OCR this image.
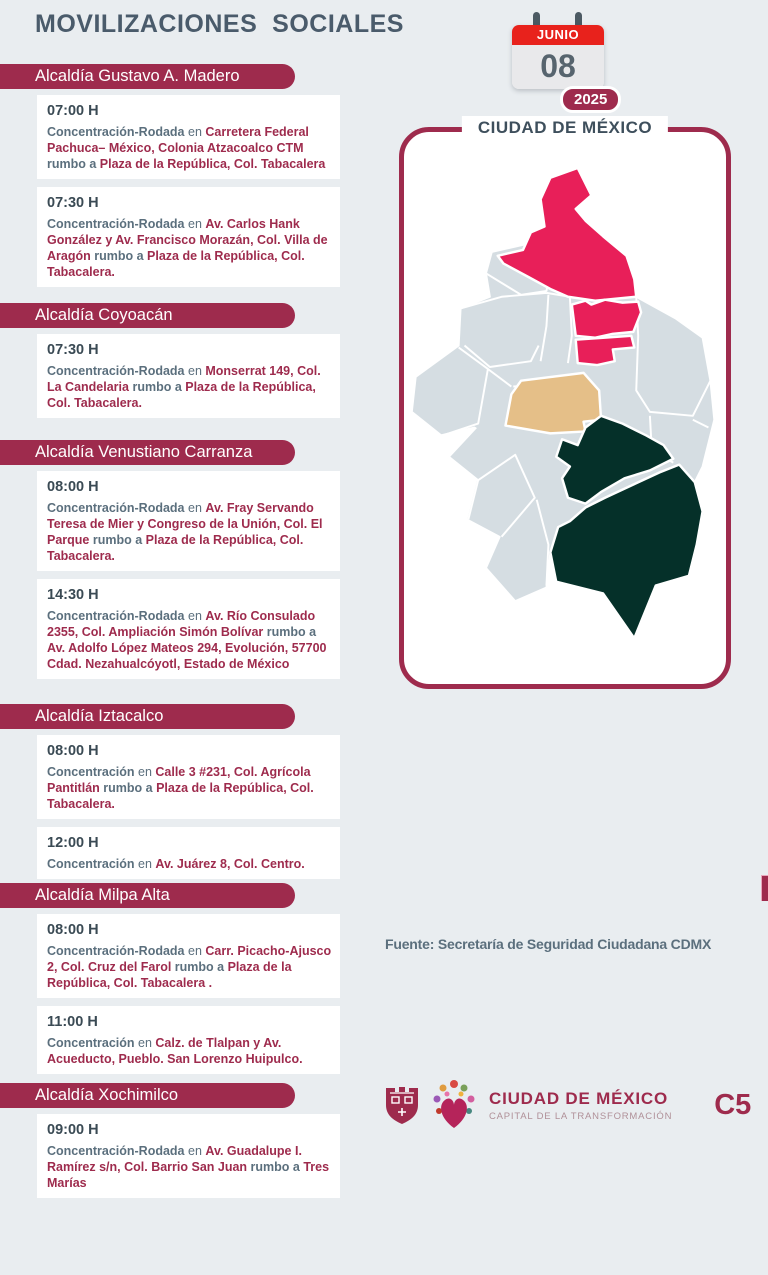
MOVILIZACIONES  SOCIALES	JUNIO
08
2025
Alcaldía Gustavo A. Madero
07:00 H

Concentración-Rodada en Carretera Federal Pachuca– México, Colonia Atzacoalco CTM rumbo a Plaza de la República, Col. Tabacalera

07:30 H

Concentración-Rodada en Av. Carlos Hank González y Av. Francisco Morazán, Col. Villa de Aragón rumbo a Plaza de la República, Col. Tabacalera.

Alcaldía Coyoacán
07:30 H

Concentración-Rodada en Monserrat 149, Col. La Candelaria rumbo a Plaza de la República, Col. Tabacalera.

Alcaldía Venustiano Carranza
08:00 H

Concentración-Rodada en Av. Fray Servando Teresa de Mier y Congreso de la Unión, Col. El Parque rumbo a Plaza de la República, Col. Tabacalera.

14:30 H

Concentración-Rodada en Av. Río Consulado 2355, Col. Ampliación Simón Bolívar rumbo a Av. Adolfo López Mateos 294, Evolución, 57700 Cdad. Nezahualcóyotl, Estado de México

Alcaldía Iztacalco
08:00 H

Concentración en Calle 3 #231, Col. Agrícola Pantitlán rumbo a Plaza de la República, Col. Tabacalera.

12:00 H

Concentración en Av. Juárez 8, Col. Centro.

Alcaldía Milpa Alta
08:00 H

Concentración-Rodada en Carr. Picacho-Ajusco 2, Col. Cruz del Farol rumbo a Plaza de la República, Col. Tabacalera .

11:00 H

Concentración en Calz. de Tlalpan y Av. Acueducto, Pueblo. San Lorenzo Huipulco.

Alcaldía Xochimilco
09:00 H

Concentración-Rodada en Av. Guadalupe I. Ramírez s/n, Col. Barrio San Juan rumbo a Tres Marías

CIUDAD DE MÉXICO
Fuente: Secretaría de Seguridad Ciudadana CDMX
CIUDAD DE MÉXICO
CAPITAL DE LA TRANSFORMACIÓN C5
